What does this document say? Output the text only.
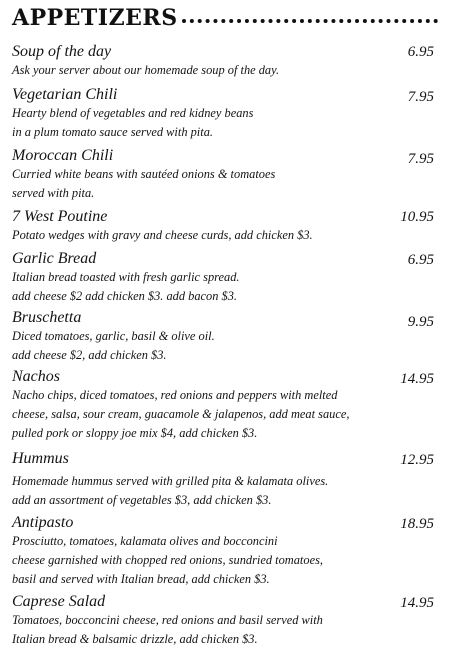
APPETIZERS
Soup of the day	6.95
Ask your server about our homemade soup of the day.
Vegetarian Chili	7.95
Hearty blend of vegetables and red kidney beans
in a plum tomato sauce served with pita.
Moroccan Chili	7.95
Curried white beans with sautéed onions & tomatoes
served with pita.
7 West Poutine	10.95
Potato wedges with gravy and cheese curds, add chicken $3.
Garlic Bread	6.95
Italian bread toasted with fresh garlic spread.
add cheese $2 add chicken $3. add bacon $3.
Bruschetta	9.95
Diced tomatoes, garlic, basil & olive oil.
add cheese $2, add chicken $3.
Nachos	14.95
Nacho chips, diced tomatoes, red onions and peppers with melted
cheese, salsa, sour cream, guacamole & jalapenos, add meat sauce,
pulled pork or sloppy joe mix $4, add chicken $3.
Hummus	12.95
Homemade hummus served with grilled pita & kalamata olives.
add an assortment of vegetables $3, add chicken $3.
Antipasto	18.95
Prosciutto, tomatoes, kalamata olives and bocconcini
cheese garnished with chopped red onions, sundried tomatoes,
basil and served with Italian bread, add chicken $3.
Caprese Salad	14.95
Tomatoes, bocconcini cheese, red onions and basil served with
Italian bread & balsamic drizzle, add chicken $3.
